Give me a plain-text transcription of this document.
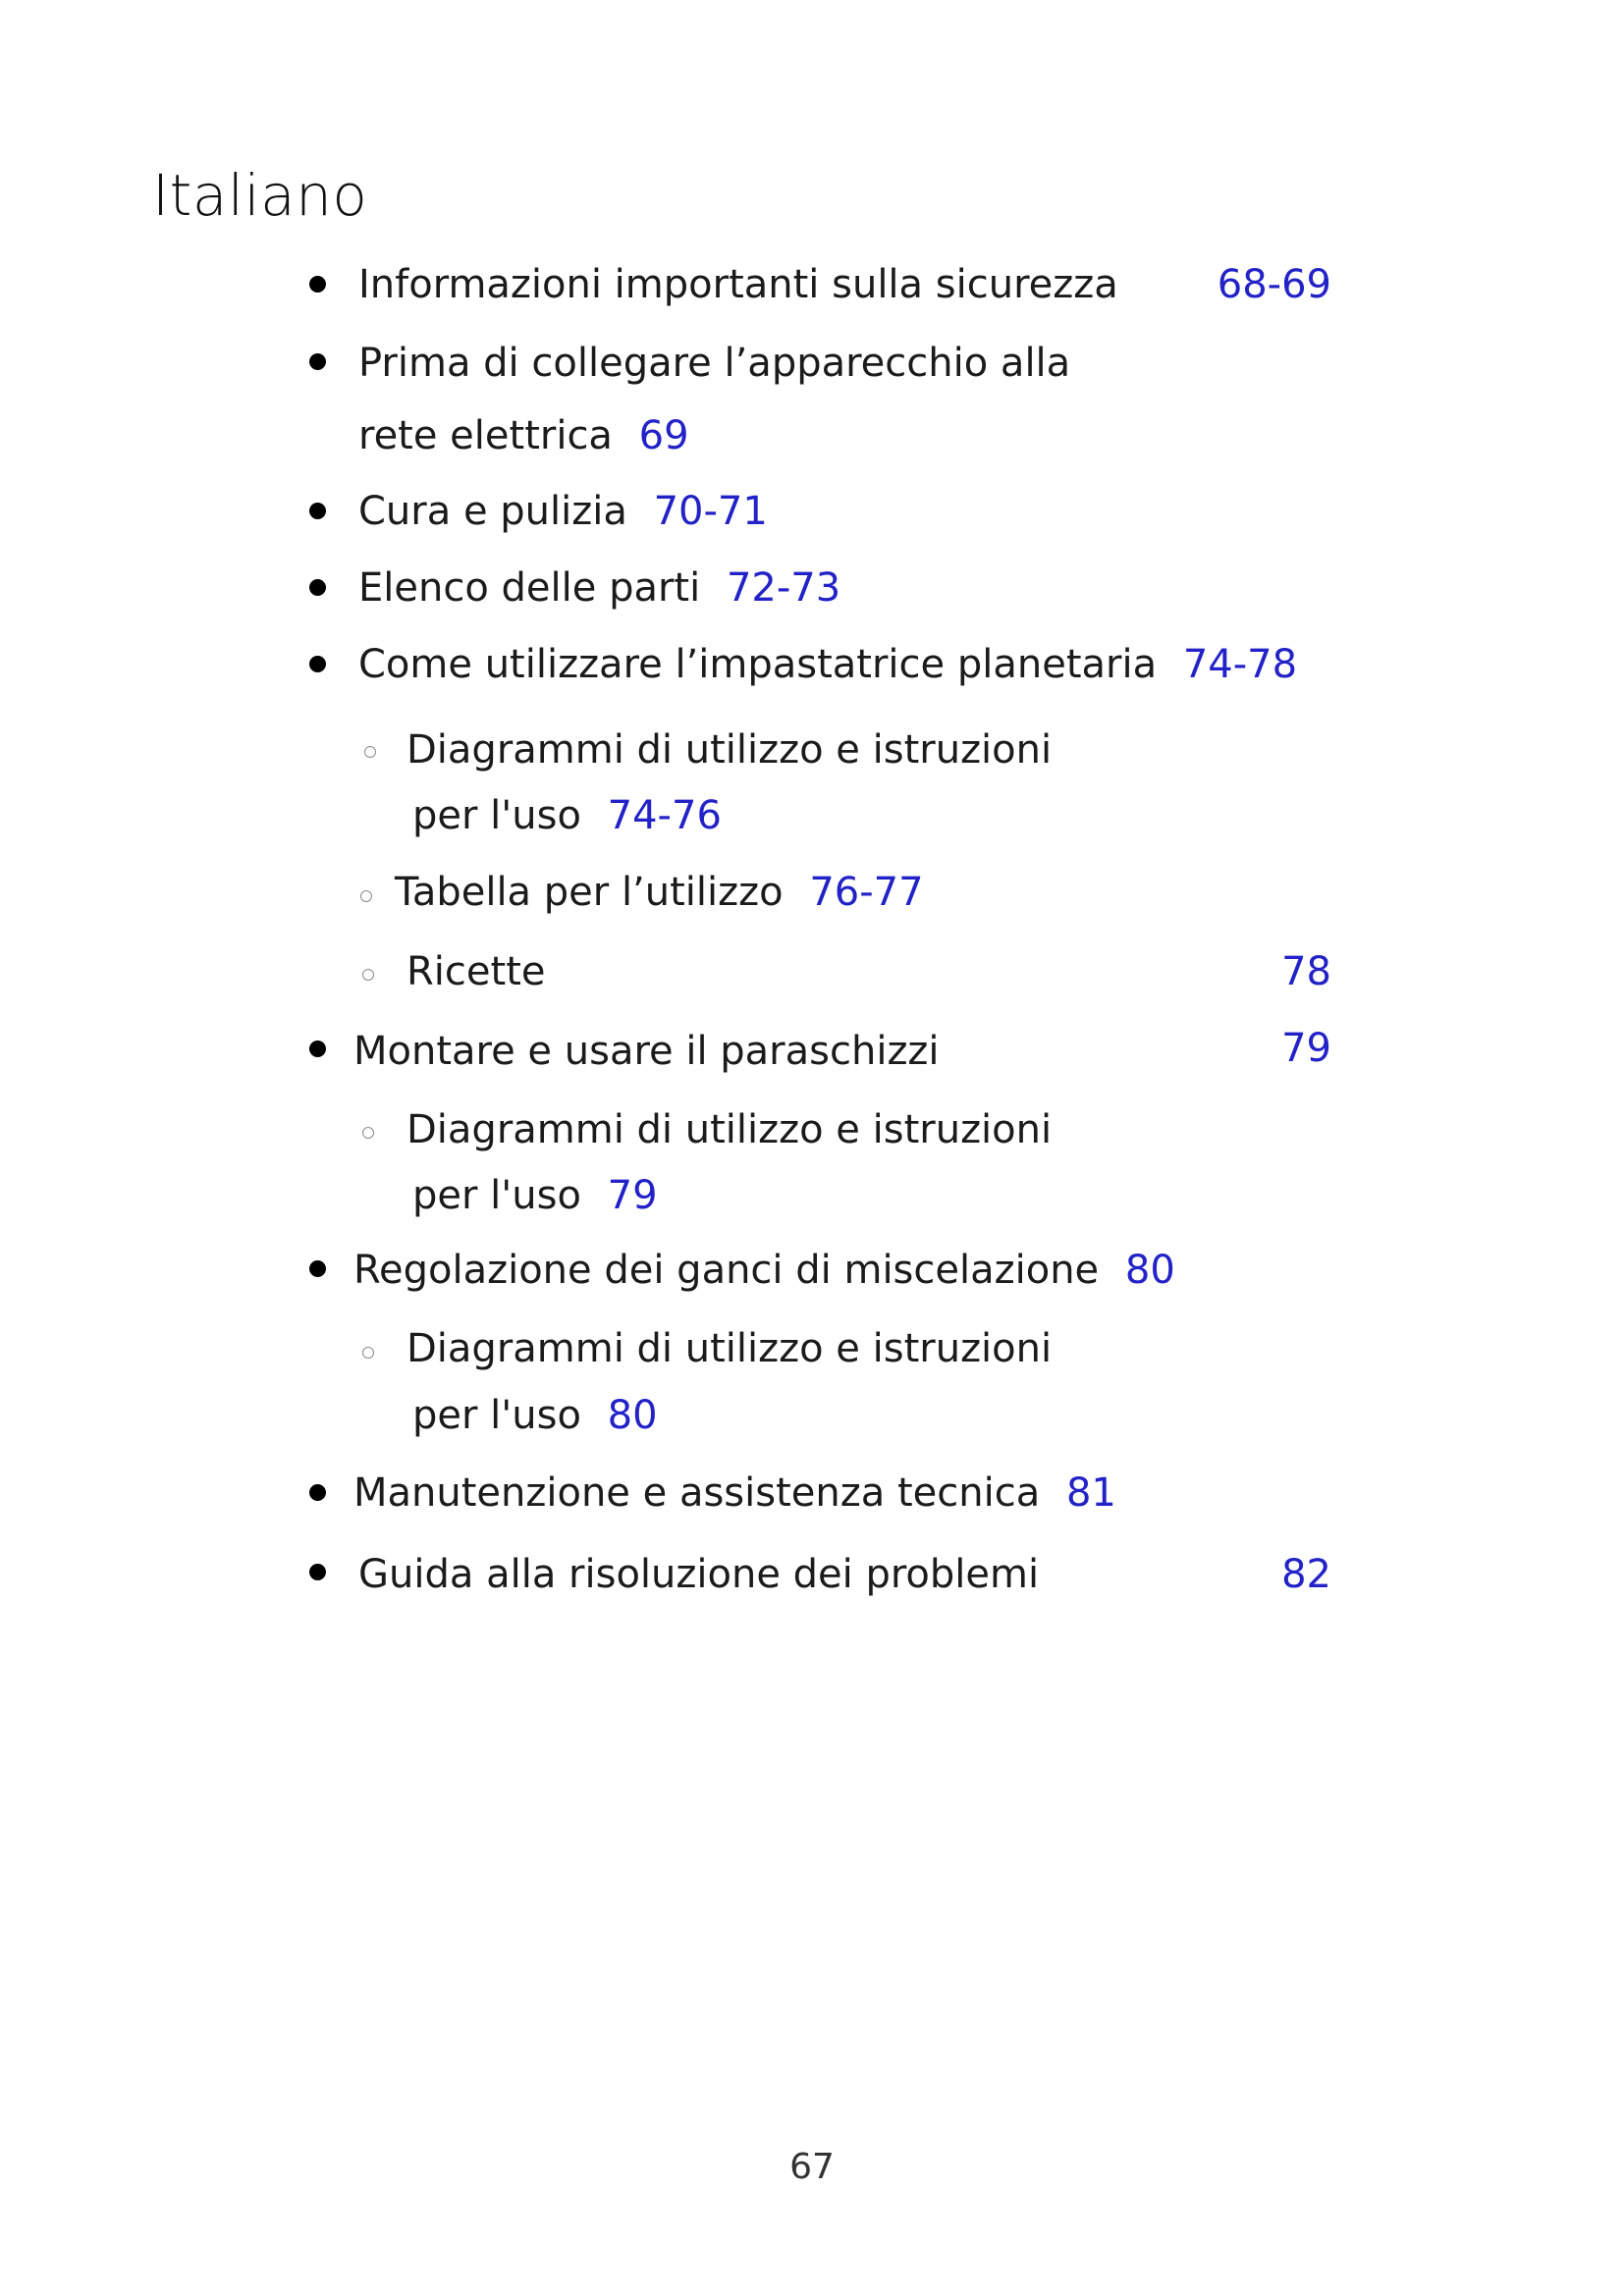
Italiano
Informazioni importanti sulla sicurezza	68-69
Prima di collegare l’apparecchio alla
rete elettrica 69
Cura e pulizia 70-71
Elenco delle parti 72-73
Come utilizzare l’impastatrice planetaria 74-78
Diagrammi di utilizzo e istruzioni
per l'uso 74-76
Tabella per l’utilizzo 76-77
Ricette	78
Montare e usare il paraschizzi	79
Diagrammi di utilizzo e istruzioni
per l'uso 79
Regolazione dei ganci di miscelazione 80
Diagrammi di utilizzo e istruzioni
per l'uso 80
Manutenzione e assistenza tecnica 81
Guida alla risoluzione dei problemi	82
67
